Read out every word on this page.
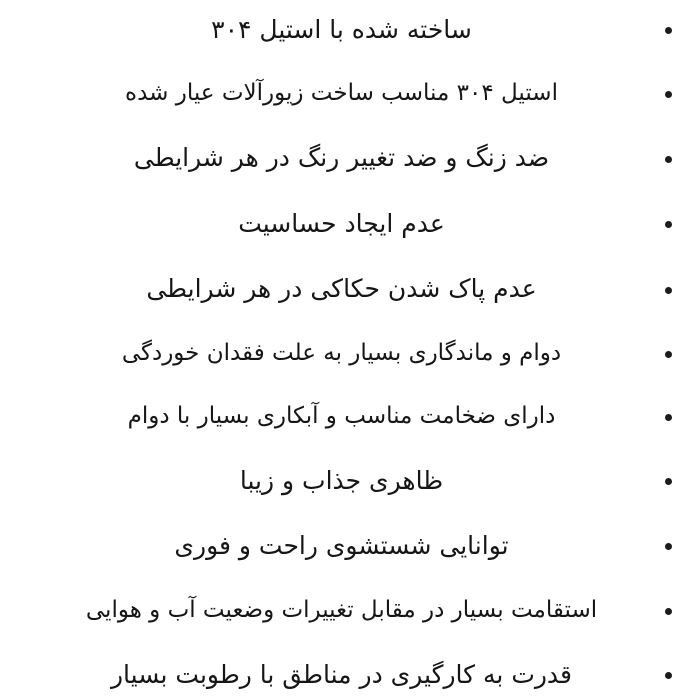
ساخته شده با استیل ۳۰۴
استیل ۳۰۴ مناسب ساخت زیورآلات عیار شده
ضد زنگ و ضد تغییر رنگ در هر شرایطی
عدم ایجاد حساسیت
عدم پاک شدن حکاکی در هر شرایطی
دوام و ماندگاری بسیار به علت فقدان خوردگی
دارای ضخامت مناسب و آبکاری بسیار با دوام
ظاهری جذاب و زیبا
توانایی شستشوی راحت و فوری
استقامت بسیار در مقابل تغییرات وضعیت آب و هوایی
قدرت به کارگیری در مناطق با رطوبت بسیار
